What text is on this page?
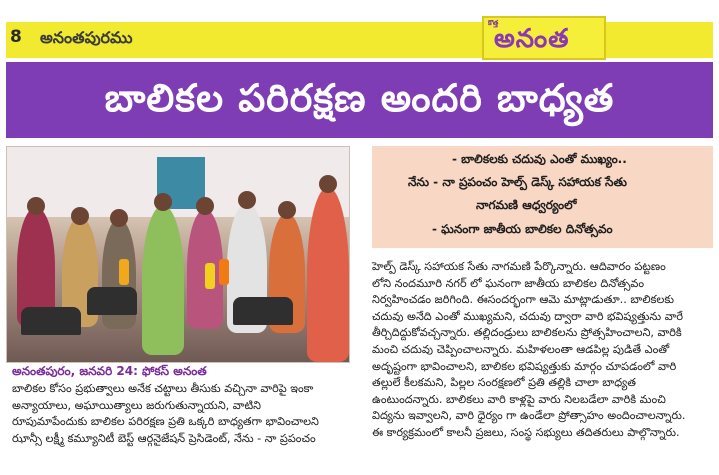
8 అనంతపురము
కొత్త
అనంత
బాలికల పరిరక్షణ అందరి బాధ్యత
అనంతపురం, జనవరి 24: ఫోకస్ అనంత
బాలికల కోసం ప్రభుత్వాలు అనేక చట్టాలు తీసుకు వచ్చినా వారిపై ఇంకా
అన్యాయాలు, అఘాయిత్యాలు జరుగుతున్నాయని, వాటిని
రూపుమాపేందుకు బాలికల పరిరక్షణ ప్రతి ఒక్కరి బాధ్యతగా భావించాలని
ఝాన్సీ లక్ష్మీ కమ్యూనిటీ బెస్ట్ ఆర్గనైజేషన్ ప్రెసిడెంట్, నేను - నా ప్రపంచం
- బాలికలకు చదువు ఎంతో ముఖ్యం..
నేను - నా ప్రపంచం హెల్ప్ డెస్క్ సహాయక సేతు
నాగమణి ఆధ్వర్యంలో
- ఘనంగా జాతీయ బాలికల దినోత్సవం
హెల్ప్ డెస్క్ సహాయక సేతు నాగమణి పేర్కొన్నారు. ఆదివారం పట్టణం
లోని నందమూరి నగర్ లో ఘనంగా జాతీయ బాలికల దినోత్సవం
నిర్వహించడం జరిగింది. ఈసందర్భంగా ఆమె మాట్లాడుతూ.. బాలికలకు
చదువు అనేది ఎంతో ముఖ్యమని, చదువు ద్వారా వారి భవిష్యత్తును వారే
తీర్చిదిద్దుకోవచ్చన్నారు. తల్లిదండ్రులు బాలికలను ప్రోత్సహించాలని, వారికి
మంచి చదువు చెప్పించాలన్నారు. మహిళలంతా ఆడపిల్ల పుడితే ఎంతో
అదృష్టంగా భావించాలని, బాలికల భవిష్యత్తుకు మార్గం చూపడంలో వారి
తల్లులే కీలకమని, పిల్లల సంరక్షణలో ప్రతి తల్లికి చాలా బాధ్యత
ఉంటుందన్నారు. బాలికలు వారి కాళ్లపై వారు నిలబడేలా వారికి మంచి
విద్యను ఇవ్వాలని, వారి ధైర్యం గా ఉండేలా ప్రోత్సాహం అందించాలన్నారు.
ఈ కార్యక్రమంలో కాలనీ ప్రజలు, సంస్థ సభ్యులు తదితరులు పాల్గొన్నారు.
